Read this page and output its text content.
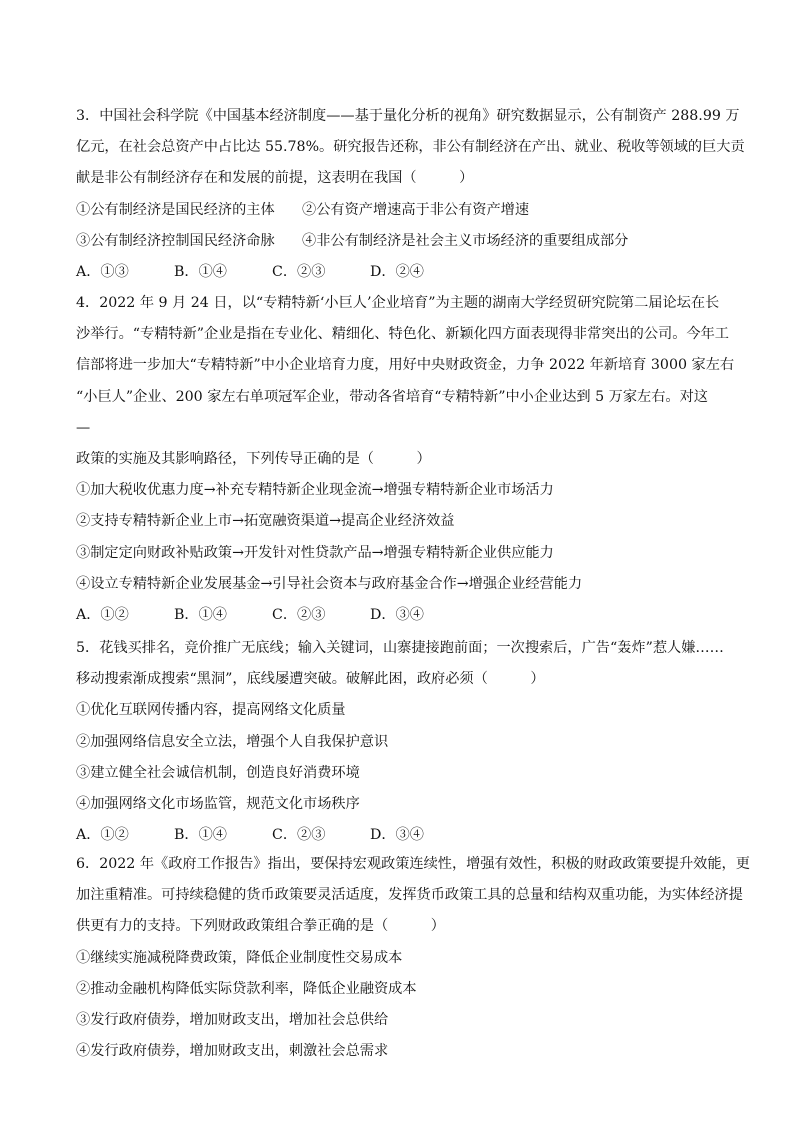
3．中国社会科学院《中国基本经济制度——基于量化分析的视角》研究数据显示，公有制资产 288.99 万
亿元，在社会总资产中占比达 55.78%。研究报告还称，非公有制经济在产出、就业、税收等领域的巨大贡
献是非公有制经济存在和发展的前提，这表明在我国（　　　）
①公有制经济是国民经济的主体 ②公有资产增速高于非公有资产增速
③公有制经济控制国民经济命脉 ④非公有制经济是社会主义市场经济的重要组成部分
A．①③	B．①④	C．②③	D．②④
4．2022 年 9 月 24 日，以“专精特新‘小巨人’企业培育”为主题的湖南大学经贸研究院第二届论坛在长
沙举行。“专精特新”企业是指在专业化、精细化、特色化、新颖化四方面表现得非常突出的公司。今年工
信部将进一步加大“专精特新”中小企业培育力度，用好中央财政资金，力争 2022 年新培育 3000 家左右
“小巨人”企业、200 家左右单项冠军企业，带动各省培育“专精特新”中小企业达到 5 万家左右。对这
—
政策的实施及其影响路径，下列传导正确的是（　　　）
①加大税收优惠力度→补充专精特新企业现金流→增强专精特新企业市场活力
②支持专精特新企业上市→拓宽融资渠道→提高企业经济效益
③制定定向财政补贴政策→开发针对性贷款产品→增强专精特新企业供应能力
④设立专精特新企业发展基金→引导社会资本与政府基金合作→增强企业经营能力
A．①②	B．①④	C．②③	D．③④
5．花钱买排名，竞价推广无底线；输入关键词，山寨捷接跑前面；一次搜索后，广告“轰炸”惹人嫌……
移动搜索渐成搜索“黑洞”，底线屡遭突破。破解此困，政府必须（　　　）
①优化互联网传播内容，提高网络文化质量
②加强网络信息安全立法，增强个人自我保护意识
③建立健全社会诚信机制，创造良好消费环境
④加强网络文化市场监管，规范文化市场秩序
A．①②	B．①④	C．②③	D．③④
6．2022 年《政府工作报告》指出，要保持宏观政策连续性，增强有效性，积极的财政政策要提升效能，更
加注重精准。可持续稳健的货币政策要灵活适度，发挥货币政策工具的总量和结构双重功能，为实体经济提
供更有力的支持。下列财政政策组合拳正确的是（　　　）
①继续实施减税降费政策，降低企业制度性交易成本
②推动金融机构降低实际贷款利率，降低企业融资成本
③发行政府债券，增加财政支出，增加社会总供给
④发行政府债券，增加财政支出，刺激社会总需求
